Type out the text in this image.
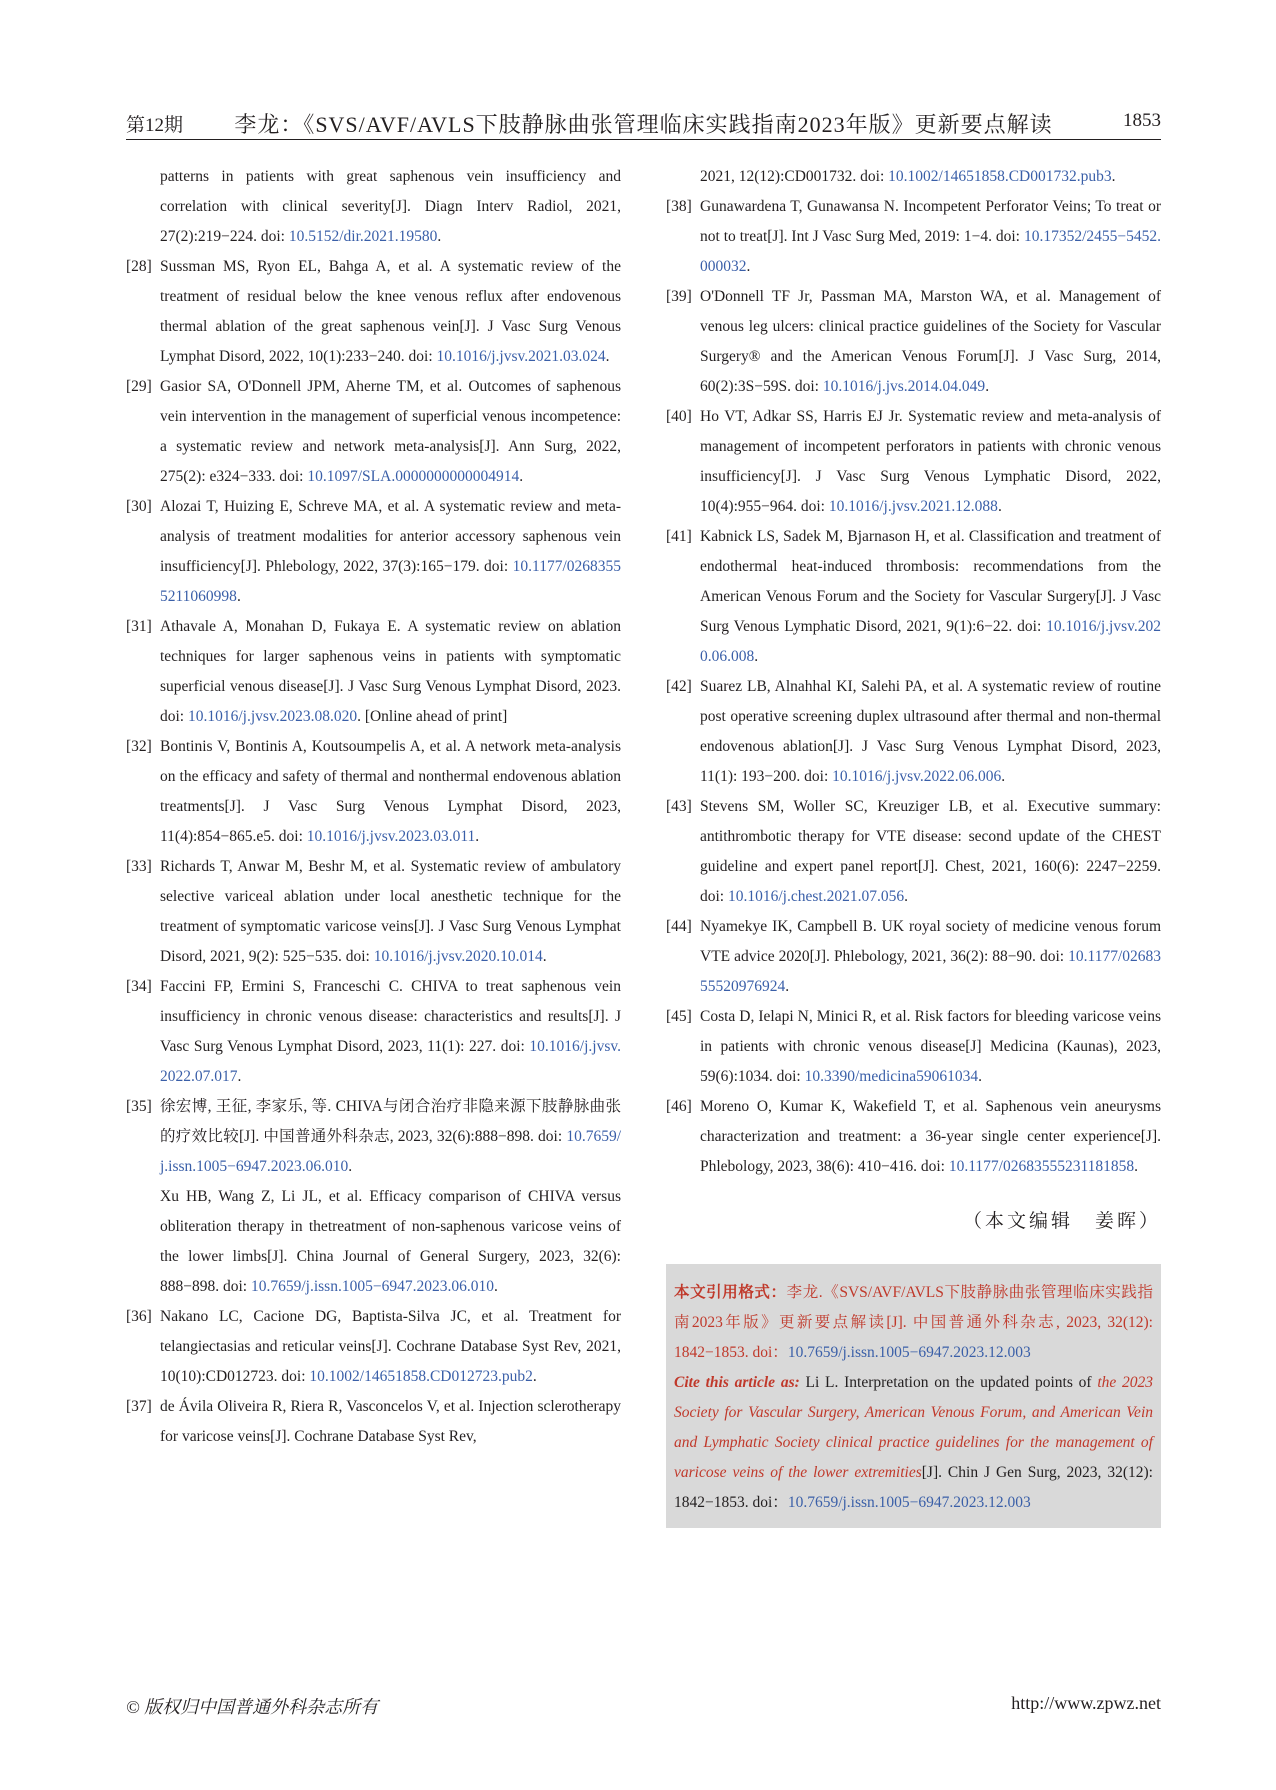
第12期 李龙：《SVS/AVF/AVLS下肢静脉曲张管理临床实践指南2023年版》更新要点解读	1853
patterns in patients with great saphenous vein insufficiency and correlation with clinical severity[J]. Diagn Interv Radiol, 2021, 27(2):219−224. doi: 10.5152/dir.2021.19580.
[28] Sussman MS, Ryon EL, Bahga A, et al. A systematic review of the treatment of residual below the knee venous reflux after endovenous thermal ablation of the great saphenous vein[J]. J Vasc Surg Venous Lymphat Disord, 2022, 10(1):233−240. doi: 10.1016/j.jvsv.2021.03.024.
[29] Gasior SA, O'Donnell JPM, Aherne TM, et al. Outcomes of saphenous vein intervention in the management of superficial venous incompetence: a systematic review and network meta-analysis[J]. Ann Surg, 2022, 275(2): e324−333. doi: 10.1097/SLA.0000000000004914.
[30] Alozai T, Huizing E, Schreve MA, et al. A systematic review and meta-analysis of treatment modalities for anterior accessory saphenous vein insufficiency[J]. Phlebology, 2022, 37(3):165−179. doi: 10.1177/02683555211060998.
[31] Athavale A, Monahan D, Fukaya E. A systematic review on ablation techniques for larger saphenous veins in patients with symptomatic superficial venous disease[J]. J Vasc Surg Venous Lymphat Disord, 2023. doi: 10.1016/j.jvsv.2023.08.020. [Online ahead of print]
[32] Bontinis V, Bontinis A, Koutsoumpelis A, et al. A network meta-analysis on the efficacy and safety of thermal and nonthermal endovenous ablation treatments[J]. J Vasc Surg Venous Lymphat Disord, 2023, 11(4):854−865.e5. doi: 10.1016/j.jvsv.2023.03.011.
[33] Richards T, Anwar M, Beshr M, et al. Systematic review of ambulatory selective variceal ablation under local anesthetic technique for the treatment of symptomatic varicose veins[J]. J Vasc Surg Venous Lymphat Disord, 2021, 9(2): 525−535. doi: 10.1016/j.jvsv.2020.10.014.
[34] Faccini FP, Ermini S, Franceschi C. CHIVA to treat saphenous vein insufficiency in chronic venous disease: characteristics and results[J]. J Vasc Surg Venous Lymphat Disord, 2023, 11(1): 227. doi: 10.1016/j.jvsv.2022.07.017.
[35] 徐宏博, 王征, 李家乐, 等. CHIVA与闭合治疗非隐来源下肢静脉曲张的疗效比较[J]. 中国普通外科杂志, 2023, 32(6):888−898. doi: 10.7659/j.issn.1005−6947.2023.06.010.
Xu HB, Wang Z, Li JL, et al. Efficacy comparison of CHIVA versus obliteration therapy in thetreatment of non-saphenous varicose veins of the lower limbs[J]. China Journal of General Surgery, 2023, 32(6): 888−898. doi: 10.7659/j.issn.1005−6947.2023.06.010.
[36] Nakano LC, Cacione DG, Baptista-Silva JC, et al. Treatment for telangiectasias and reticular veins[J]. Cochrane Database Syst Rev, 2021, 10(10):CD012723. doi: 10.1002/14651858.CD012723.pub2.
[37] de Ávila Oliveira R, Riera R, Vasconcelos V, et al. Injection sclerotherapy for varicose veins[J]. Cochrane Database Syst Rev,
2021, 12(12):CD001732. doi: 10.1002/14651858.CD001732.pub3.
[38] Gunawardena T, Gunawansa N. Incompetent Perforator Veins; To treat or not to treat[J]. Int J Vasc Surg Med, 2019: 1−4. doi: 10.17352/2455−5452.000032.
[39] O'Donnell TF Jr, Passman MA, Marston WA, et al. Management of venous leg ulcers: clinical practice guidelines of the Society for Vascular Surgery® and the American Venous Forum[J]. J Vasc Surg, 2014, 60(2):3S−59S. doi: 10.1016/j.jvs.2014.04.049.
[40] Ho VT, Adkar SS, Harris EJ Jr. Systematic review and meta-analysis of management of incompetent perforators in patients with chronic venous insufficiency[J]. J Vasc Surg Venous Lymphatic Disord, 2022, 10(4):955−964. doi: 10.1016/j.jvsv.2021.12.088.
[41] Kabnick LS, Sadek M, Bjarnason H, et al. Classification and treatment of endothermal heat-induced thrombosis: recommendations from the American Venous Forum and the Society for Vascular Surgery[J]. J Vasc Surg Venous Lymphatic Disord, 2021, 9(1):6−22. doi: 10.1016/j.jvsv.2020.06.008.
[42] Suarez LB, Alnahhal KI, Salehi PA, et al. A systematic review of routine post operative screening duplex ultrasound after thermal and non-thermal endovenous ablation[J]. J Vasc Surg Venous Lymphat Disord, 2023, 11(1): 193−200. doi: 10.1016/j.jvsv.2022.06.006.
[43] Stevens SM, Woller SC, Kreuziger LB, et al. Executive summary: antithrombotic therapy for VTE disease: second update of the CHEST guideline and expert panel report[J]. Chest, 2021, 160(6): 2247−2259. doi: 10.1016/j.chest.2021.07.056.
[44] Nyamekye IK, Campbell B. UK royal society of medicine venous forum VTE advice 2020[J]. Phlebology, 2021, 36(2): 88−90. doi: 10.1177/0268355520976924.
[45] Costa D, Ielapi N, Minici R, et al. Risk factors for bleeding varicose veins in patients with chronic venous disease[J] Medicina (Kaunas), 2023, 59(6):1034. doi: 10.3390/medicina59061034.
[46] Moreno O, Kumar K, Wakefield T, et al. Saphenous vein aneurysms characterization and treatment: a 36-year single center experience[J]. Phlebology, 2023, 38(6): 410−416. doi: 10.1177/02683555231181858.
（本文编辑　姜晖）
本文引用格式：李龙.《SVS/AVF/AVLS下肢静脉曲张管理临床实践指南2023年版》更新要点解读[J]. 中国普通外科杂志, 2023, 32(12): 1842−1853. doi：10.7659/j.issn.1005−6947.2023.12.003
Cite this article as: Li L. Interpretation on the updated points of the 2023 Society for Vascular Surgery, American Venous Forum, and American Vein and Lymphatic Society clinical practice guidelines for the management of varicose veins of the lower extremities[J]. Chin J Gen Surg, 2023, 32(12): 1842−1853. doi：10.7659/j.issn.1005−6947.2023.12.003
© 版权归中国普通外科杂志所有	http://www.zpwz.net
